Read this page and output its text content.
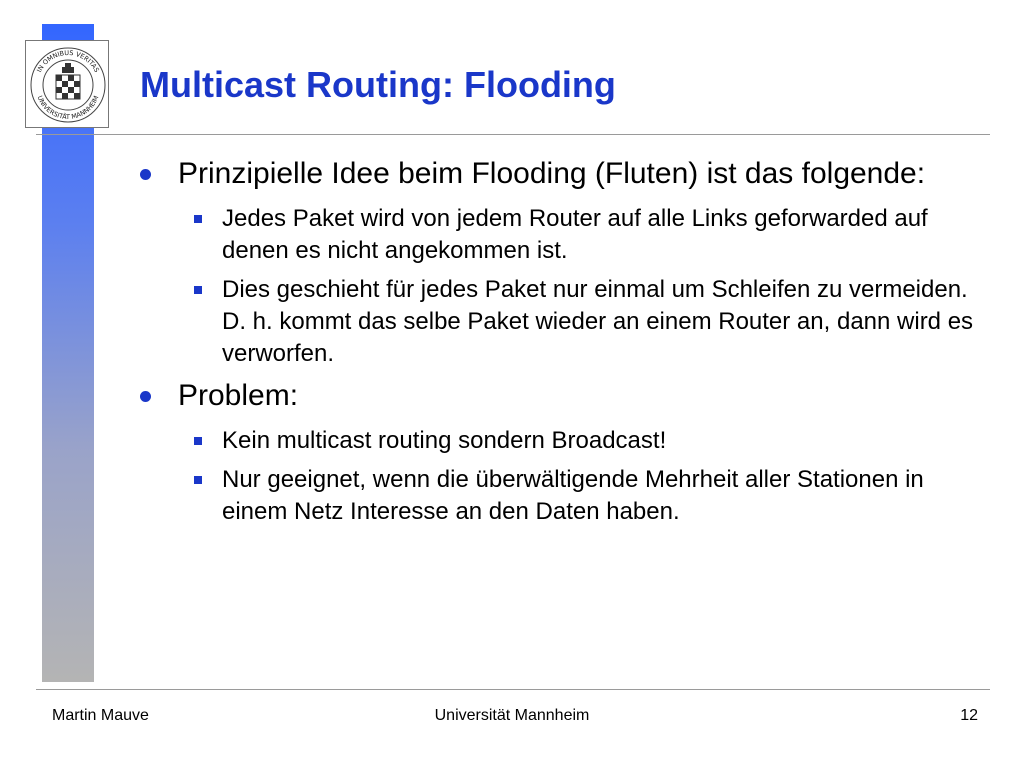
IN OMNIBUS VERITAS
UNIVERSITÄT MANNHEIM Multicast Routing: Flooding
Prinzipielle Idee beim Flooding (Fluten) ist das folgende:
Jedes Paket wird von jedem Router auf alle Links geforwarded auf denen es nicht angekommen ist.
Dies geschieht für jedes Paket nur einmal um Schleifen zu vermeiden. D. h. kommt das selbe Paket wieder an einem Router an, dann wird es verworfen.
Problem:
Kein multicast routing sondern Broadcast!
Nur geeignet, wenn die überwältigende Mehrheit aller Stationen in einem Netz Interesse an den Daten haben.
Martin Mauve	Universität Mannheim	12
